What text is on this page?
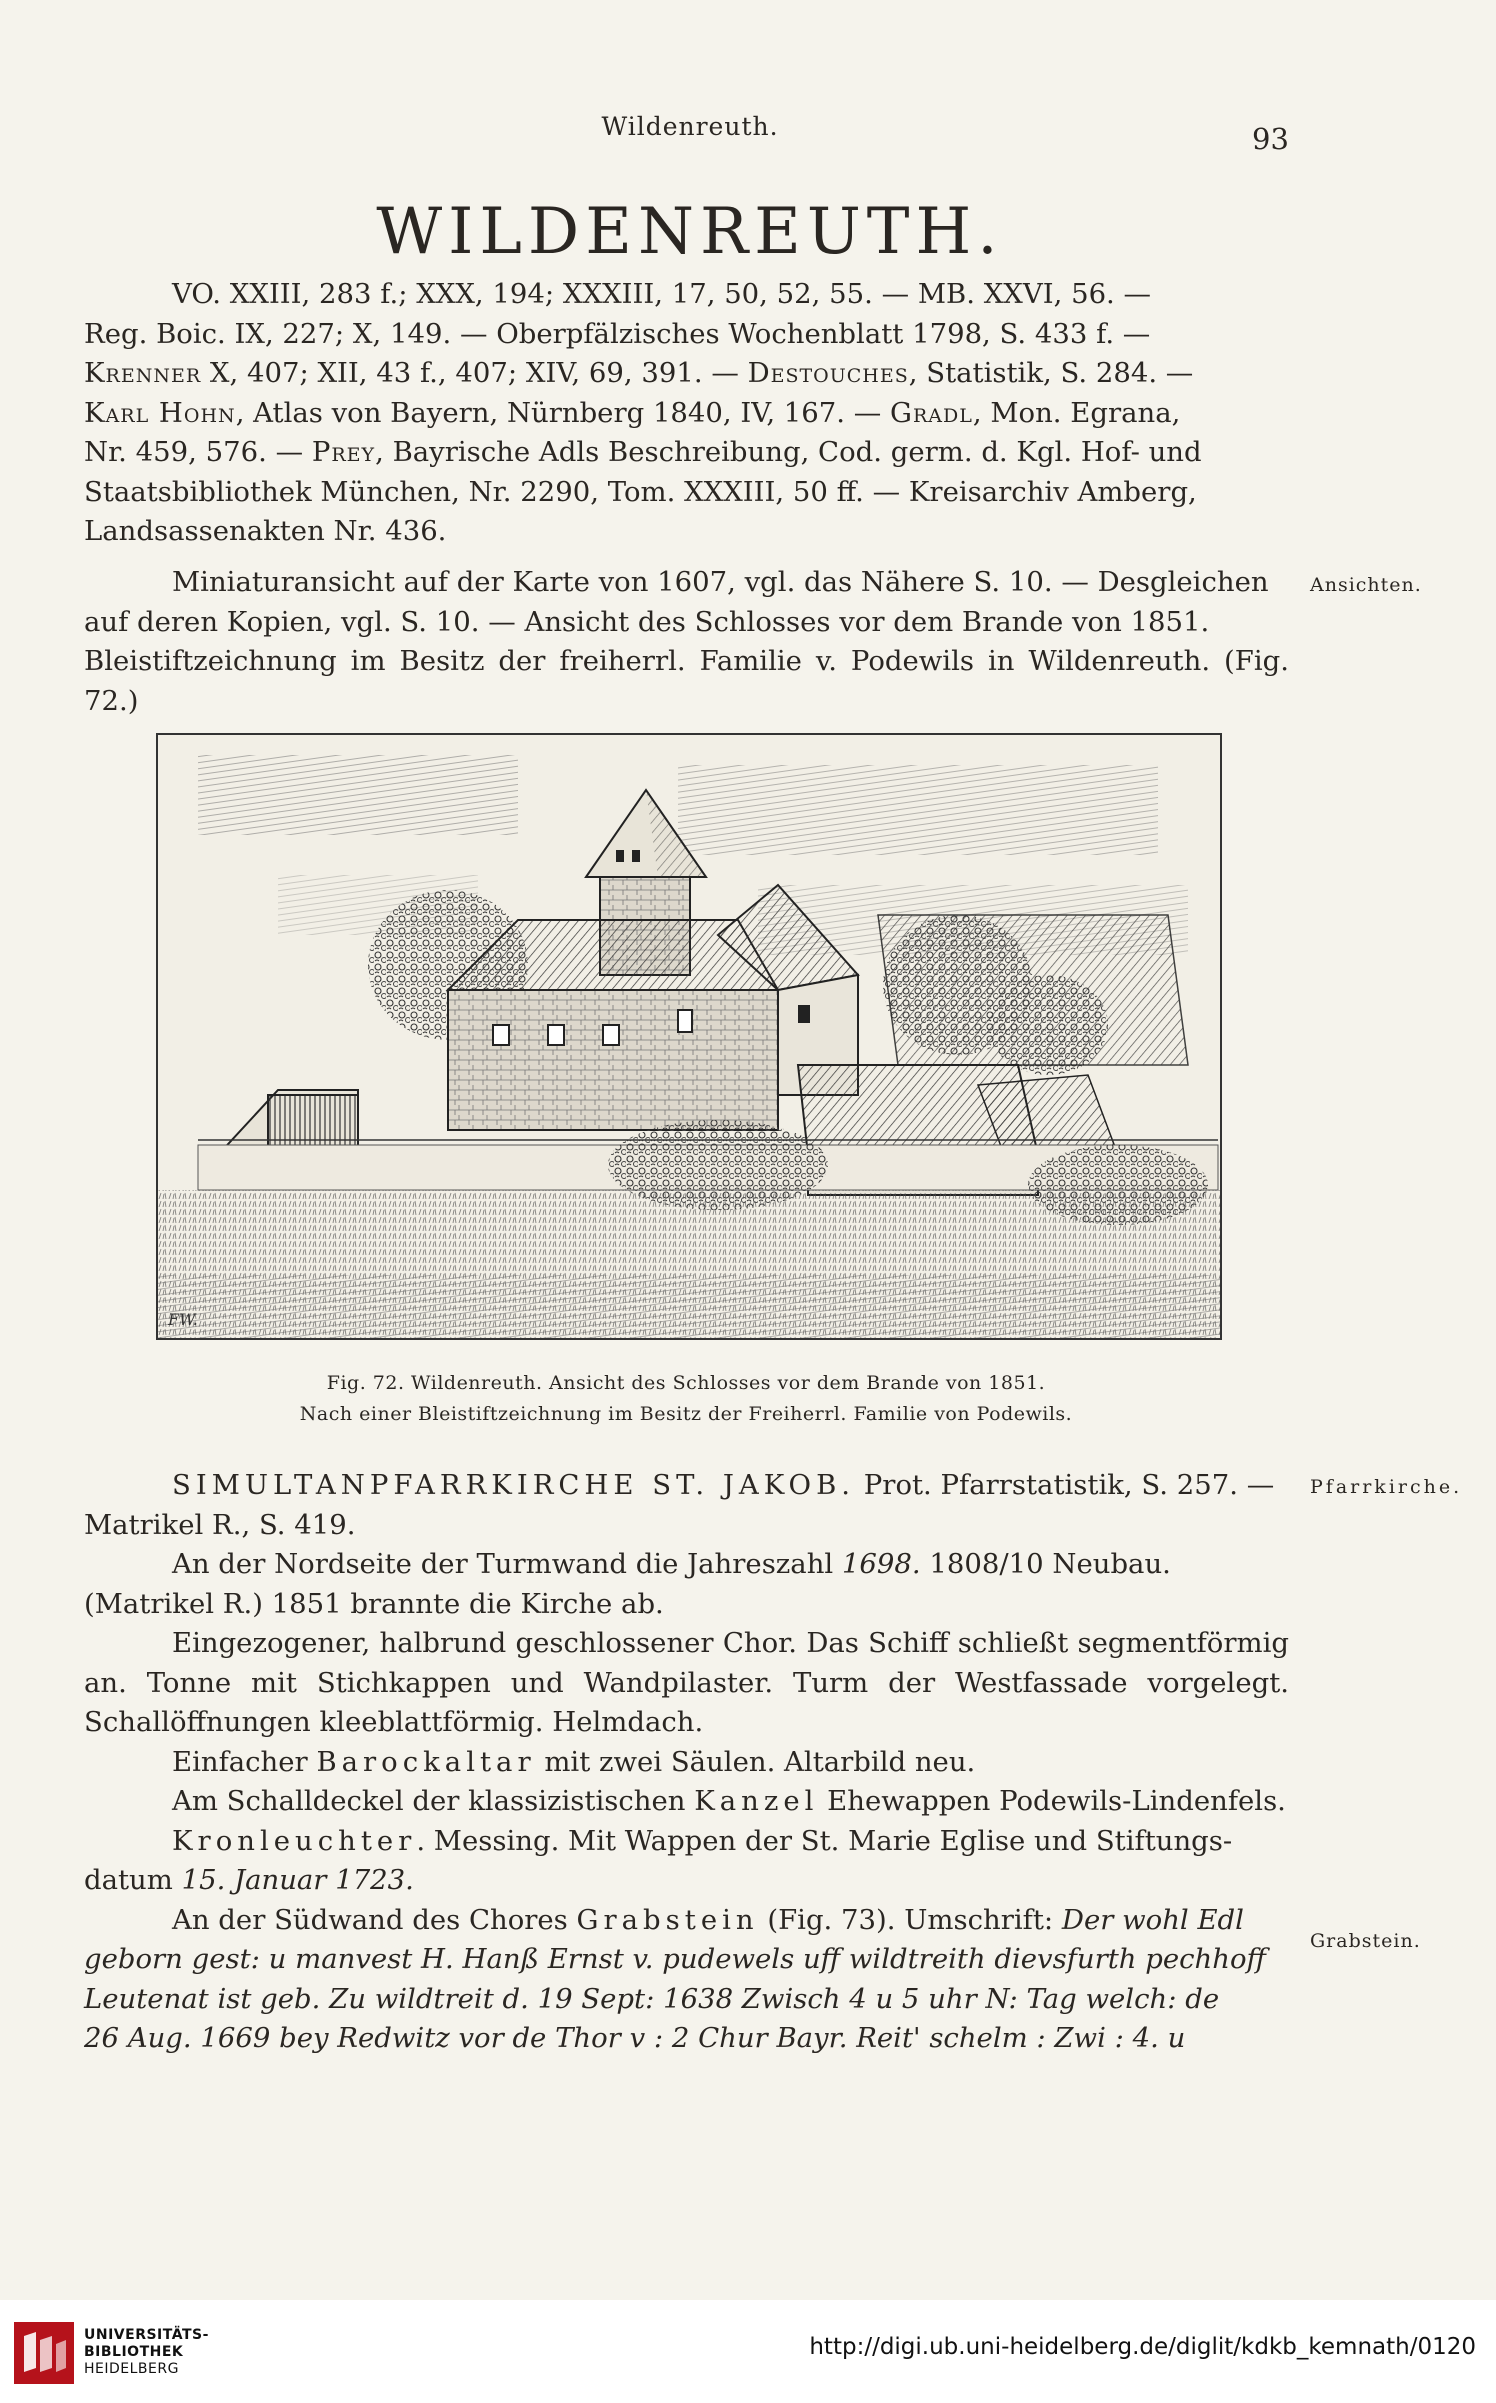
Wildenreuth.	93
WILDENREUTH.

VO. XXIII, 283 f.; XXX, 194; XXXIII, 17, 50, 52, 55. — MB. XXVI, 56. —

Reg. Boic. IX, 227; X, 149. — Oberpfälzisches Wochenblatt 1798, S. 433 f. —

Krenner X, 407; XII, 43 f., 407; XIV, 69, 391. — Destouches, Statistik, S. 284. —

Karl Hohn, Atlas von Bayern, Nürnberg 1840, IV, 167. — Gradl, Mon. Egrana,

Nr. 459, 576. — Prey, Bayrische Adls Beschreibung, Cod. germ. d. Kgl. Hof- und

Staatsbibliothek München, Nr. 2290, Tom. XXXIII, 50 ff. — Kreisarchiv Amberg,

Landsassenakten Nr. 436.

Miniaturansicht auf der Karte von 1607, vgl. das Nähere S. 10. — Desgleichen

auf deren Kopien, vgl. S. 10. — Ansicht des Schlosses vor dem Brande von 1851.

Bleistiftzeichnung im Besitz der freiherrl. Familie v. Podewils in Wildenreuth. (Fig. 72.)

Ansichten.
FW.
Fig. 72. Wildenreuth. Ansicht des Schlosses vor dem Brande von 1851.
Nach einer Bleistiftzeichnung im Besitz der Freiherrl. Familie von Podewils.

SIMULTANPFARRKIRCHE ST. JAKOB. Prot. Pfarrstatistik, S. 257. —

Matrikel R., S. 419.

An der Nordseite der Turmwand die Jahreszahl 1698. 1808/10 Neubau.
(Matrikel R.) 1851 brannte die Kirche ab.

Eingezogener, halbrund geschlossener Chor. Das Schiff schließt segmentförmig an. Tonne mit Stichkappen und Wandpilaster. Turm der Westfassade vorgelegt. Schallöffnungen kleeblattförmig. Helmdach.

Einfacher Barockaltar mit zwei Säulen. Altarbild neu.

Am Schalldeckel der klassizistischen Kanzel Ehewappen Podewils-Lindenfels.

Kronleuchter. Messing. Mit Wappen der St. Marie Eglise und Stiftungs-
datum 15. Januar 1723.

An der Südwand des Chores Grabstein (Fig. 73). Umschrift: Der wohl Edl
geborn gest: u manvest H. Hanß Ernst v. pudewels uff wildtreith dievsfurth pechhoff
Leutenat ist geb. Zu wildtreit d. 19 Sept: 1638 Zwisch 4 u 5 uhr N: Tag welch: de
26 Aug. 1669 bey Redwitz vor de Thor v : 2 Chur Bayr. Reit' schelm : Zwi : 4. u

Pfarrkirche.
Grabstein.
UNIVERSITÄTS-
BIBLIOTHEK
HEIDELBERG
http://digi.ub.uni-heidelberg.de/diglit/kdkb_kemnath/0120
